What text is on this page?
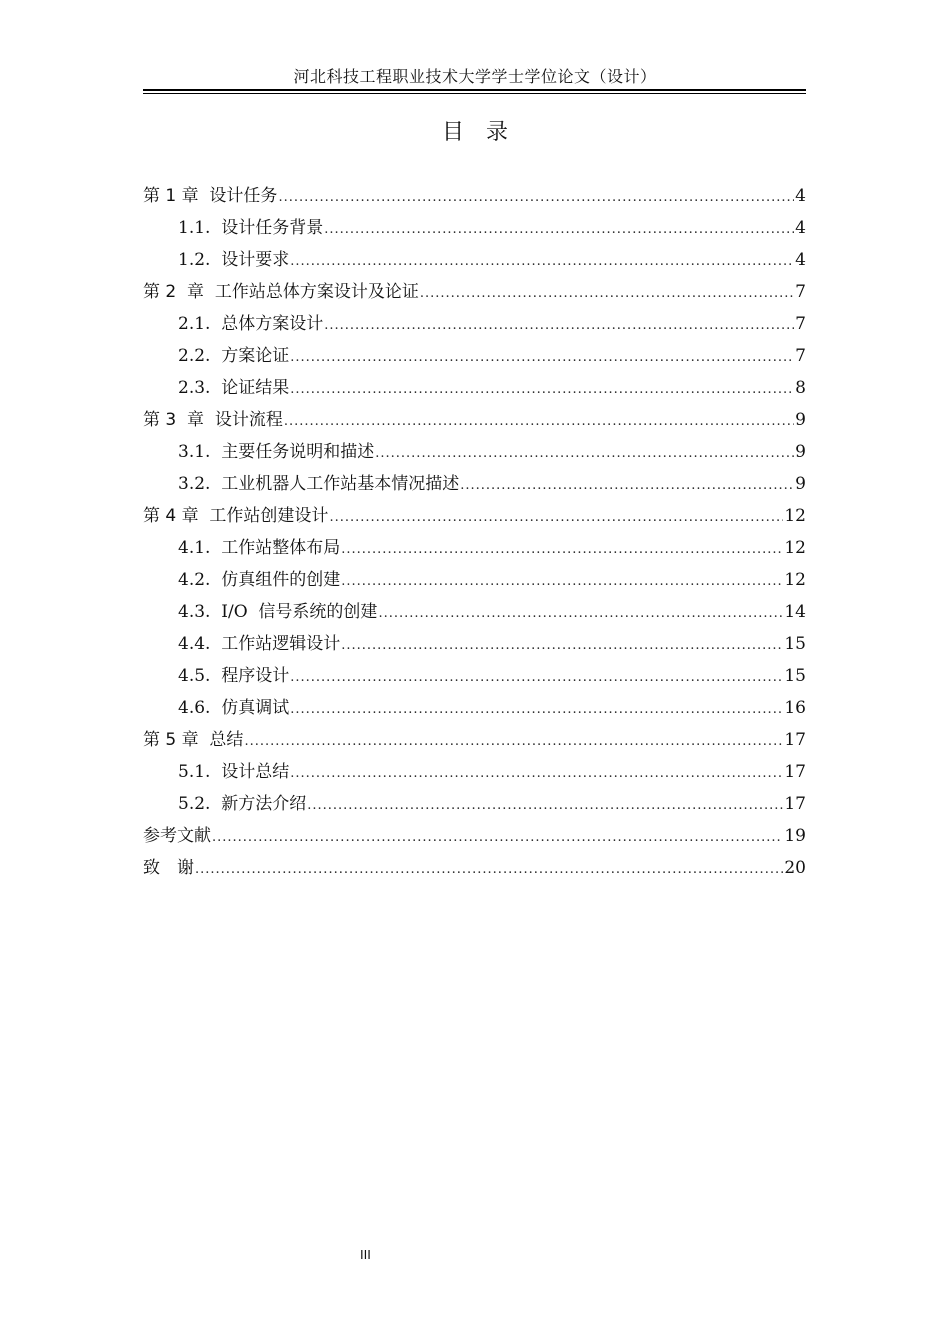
河北科技工程职业技术大学学士学位论文（设计）
目　录
第 1 章  设计任务 .....	4
1.1.  设计任务背景 .....	4
1.2.  设计要求 .....	4
第 2  章  工作站总体方案设计及论证 .....	7
2.1.  总体方案设计 .....	7
2.2.  方案论证 .....	7
2.3.  论证结果 .....	8
第 3  章  设计流程 .....	9
3.1.  主要任务说明和描述 .....	9
3.2.  工业机器人工作站基本情况描述 .....	9
第 4 章  工作站创建设计 .....	12
4.1.  工作站整体布局 .....	12
4.2.  仿真组件的创建 .....	12
4.3.  I/O  信号系统的创建 .....	14
4.4.  工作站逻辑设计 .....	15
4.5.  程序设计 .....	15
4.6.  仿真调试 .....	16
第 5 章  总结 .....	17
5.1.  设计总结 .....	17
5.2.  新方法介绍 .....	17
参考文献 .....	19
致　谢 .....	20
III
